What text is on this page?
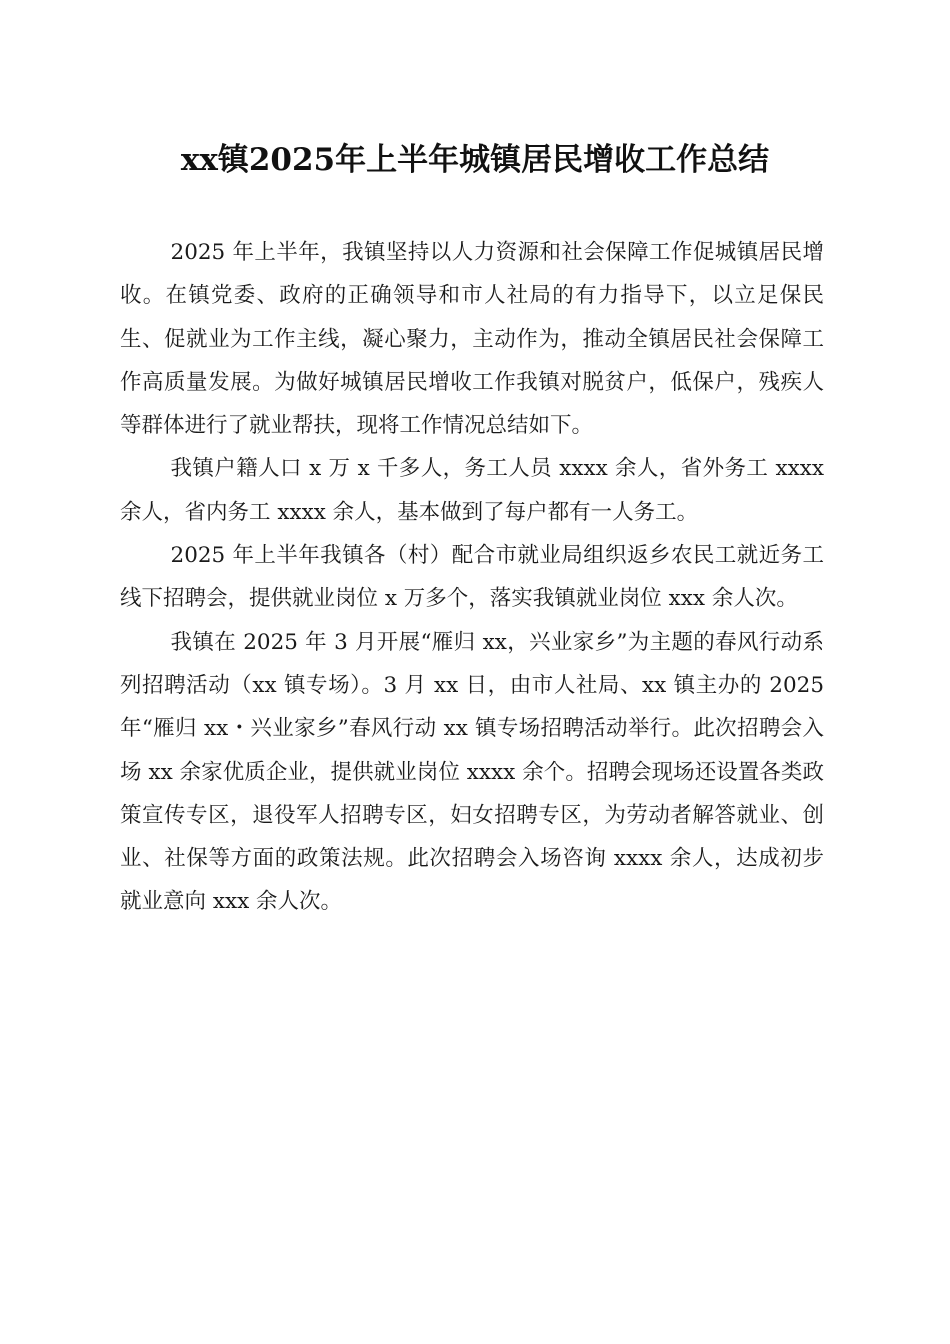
xx镇2025年上半年城镇居民增收工作总结

2025 年上半年，我镇坚持以人力资源和社会保障工作促城镇居民增收。在镇党委、政府的正确领导和市人社局的有力指导下，以立足保民生、促就业为工作主线，凝心聚力，主动作为，推动全镇居民社会保障工作高质量发展。为做好城镇居民增收工作我镇对脱贫户，低保户，残疾人等群体进行了就业帮扶，现将工作情况总结如下。

我镇户籍人口 x 万 x 千多人，务工人员 xxxx 余人，省外务工 xxxx 余人，省内务工 xxxx 余人，基本做到了每户都有一人务工。

2025 年上半年我镇各（村）配合市就业局组织返乡农民工就近务工线下招聘会，提供就业岗位 x 万多个，落实我镇就业岗位 xxx 余人次。

我镇在 2025 年 3 月开展“雁归 xx，兴业家乡”为主题的春风行动系列招聘活动（xx 镇专场）。3 月 xx 日，由市人社局、xx 镇主办的 2025 年“雁归 xx・兴业家乡”春风行动 xx 镇专场招聘活动举行。此次招聘会入场 xx 余家优质企业，提供就业岗位 xxxx 余个。招聘会现场还设置各类政策宣传专区，退役军人招聘专区，妇女招聘专区，为劳动者解答就业、创业、社保等方面的政策法规。此次招聘会入场咨询 xxxx 余人，达成初步就业意向 xxx 余人次。
